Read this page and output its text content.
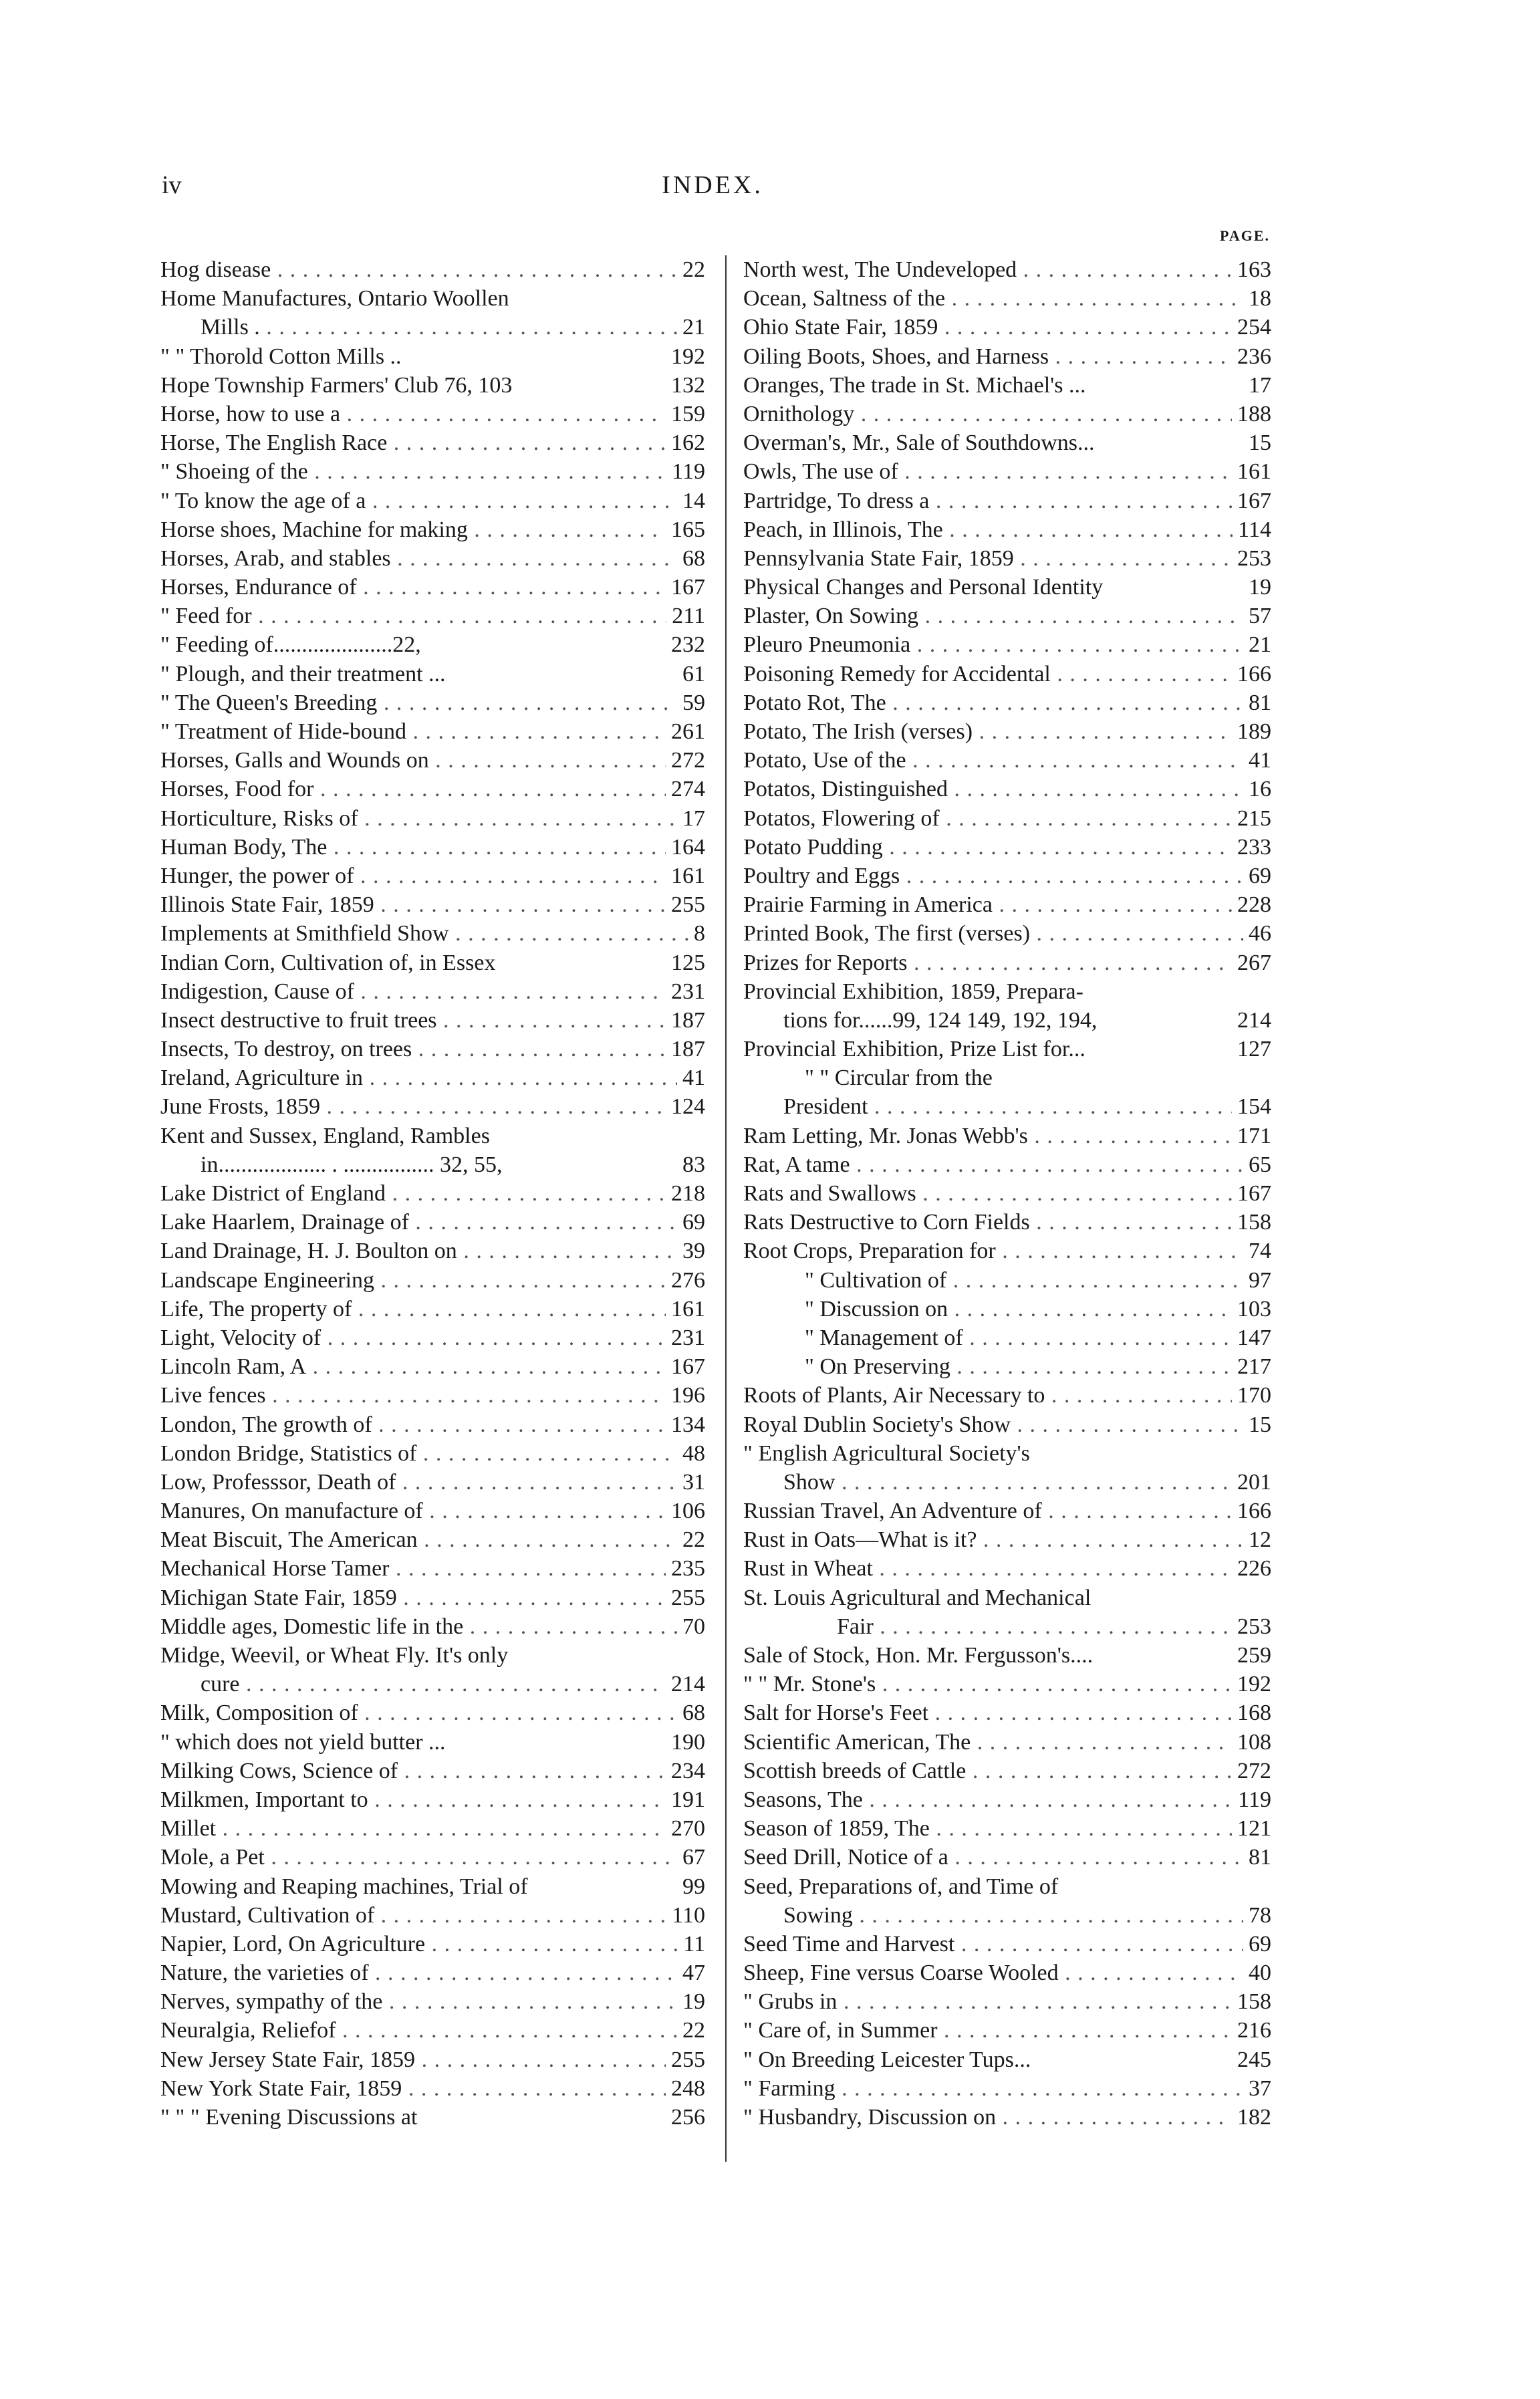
iv	INDEX.
PAGE.
Hog disease . . .	22
Home Manufactures, Ontario Woollen
Mills . . . .	21
" " Thorold Cotton Mills ..	192
Hope Township Farmers' Club 76, 103	132
Horse, how to use a . . .	159
Horse, The English Race . . .	162
" Shoeing of the . . .	119
" To know the age of a . . .	14
Horse shoes, Machine for making . . .	165
Horses, Arab, and stables . . .	68
Horses, Endurance of . . .	167
" Feed for . . .	211
" Feeding of.....................22,	232
" Plough, and their treatment ...	61
" The Queen's Breeding . . .	59
" Treatment of Hide-bound . . .	261
Horses, Galls and Wounds on . . .	272
Horses, Food for . . .	274
Horticulture, Risks of . . .	17
Human Body, The . . .	164
Hunger, the power of . . .	161
Illinois State Fair, 1859 . . .	255
Implements at Smithfield Show . . .	8
Indian Corn, Cultivation of, in Essex	125
Indigestion, Cause of . . .	231
Insect destructive to fruit trees . . .	187
Insects, To destroy, on trees . . .	187
Ireland, Agriculture in . . .	41
June Frosts, 1859 . . .	124
Kent and Sussex, England, Rambles
in................... . ................ 32, 55,	83
Lake District of England . . .	218
Lake Haarlem, Drainage of . . .	69
Land Drainage, H. J. Boulton on . . .	39
Landscape Engineering . . .	276
Life, The property of . . .	161
Light, Velocity of . . .	231
Lincoln Ram, A . . .	167
Live fences . . .	196
London, The growth of . . .	134
London Bridge, Statistics of . . .	48
Low, Professsor, Death of . . .	31
Manures, On manufacture of . . .	106
Meat Biscuit, The American . . .	22
Mechanical Horse Tamer . . .	235
Michigan State Fair, 1859 . . .	255
Middle ages, Domestic life in the . . .	70
Midge, Weevil, or Wheat Fly. It's only
cure . . .	214
Milk, Composition of . . .	68
" which does not yield butter ...	190
Milking Cows, Science of . . .	234
Milkmen, Important to . . .	191
Millet . . .	270
Mole, a Pet . . .	67
Mowing and Reaping machines, Trial of	99
Mustard, Cultivation of . . .	110
Napier, Lord, On Agriculture . . .	11
Nature, the varieties of . . .	47
Nerves, sympathy of the . . .	19
Neuralgia, Reliefof . . .	22
New Jersey State Fair, 1859 . . .	255
New York State Fair, 1859 . . .	248
" " " Evening Discussions at	256
North west, The Undeveloped . . .	163
Ocean, Saltness of the . . .	18
Ohio State Fair, 1859 . . .	254
Oiling Boots, Shoes, and Harness . . .	236
Oranges, The trade in St. Michael's ...	17
Ornithology . . .	188
Overman's, Mr., Sale of Southdowns...	15
Owls, The use of . . .	161
Partridge, To dress a . . .	167
Peach, in Illinois, The . . .	114
Pennsylvania State Fair, 1859 . . .	253
Physical Changes and Personal Identity	19
Plaster, On Sowing . . .	57
Pleuro Pneumonia . . .	21
Poisoning Remedy for Accidental . . .	166
Potato Rot, The . . .	81
Potato, The Irish (verses) . . .	189
Potato, Use of the . . .	41
Potatos, Distinguished . . .	16
Potatos, Flowering of . . .	215
Potato Pudding . . .	233
Poultry and Eggs . . .	69
Prairie Farming in America . . .	228
Printed Book, The first (verses) . . .	46
Prizes for Reports . . .	267
Provincial Exhibition, 1859, Prepara-
tions for......99, 124 149, 192, 194,	214
Provincial Exhibition, Prize List for...	127
" " Circular from the
President . . .	154
Ram Letting, Mr. Jonas Webb's . . .	171
Rat, A tame . . .	65
Rats and Swallows . . .	167
Rats Destructive to Corn Fields . . .	158
Root Crops, Preparation for . . .	74
" Cultivation of . . .	97
" Discussion on . . .	103
" Management of . . .	147
" On Preserving . . .	217
Roots of Plants, Air Necessary to . . .	170
Royal Dublin Society's Show . . .	15
" English Agricultural Society's
Show . . .	201
Russian Travel, An Adventure of . . .	166
Rust in Oats—What is it? . . .	12
Rust in Wheat . . .	226
St. Louis Agricultural and Mechanical
Fair . . .	253
Sale of Stock, Hon. Mr. Fergusson's....	259
" " Mr. Stone's . . .	192
Salt for Horse's Feet . . .	168
Scientific American, The . . .	108
Scottish breeds of Cattle . . .	272
Seasons, The . . .	119
Season of 1859, The . . .	121
Seed Drill, Notice of a . . .	81
Seed, Preparations of, and Time of
Sowing . . .	78
Seed Time and Harvest . . .	69
Sheep, Fine versus Coarse Wooled . . .	40
" Grubs in . . .	158
" Care of, in Summer . . .	216
" On Breeding Leicester Tups...	245
" Farming . . .	37
" Husbandry, Discussion on . . .	182
